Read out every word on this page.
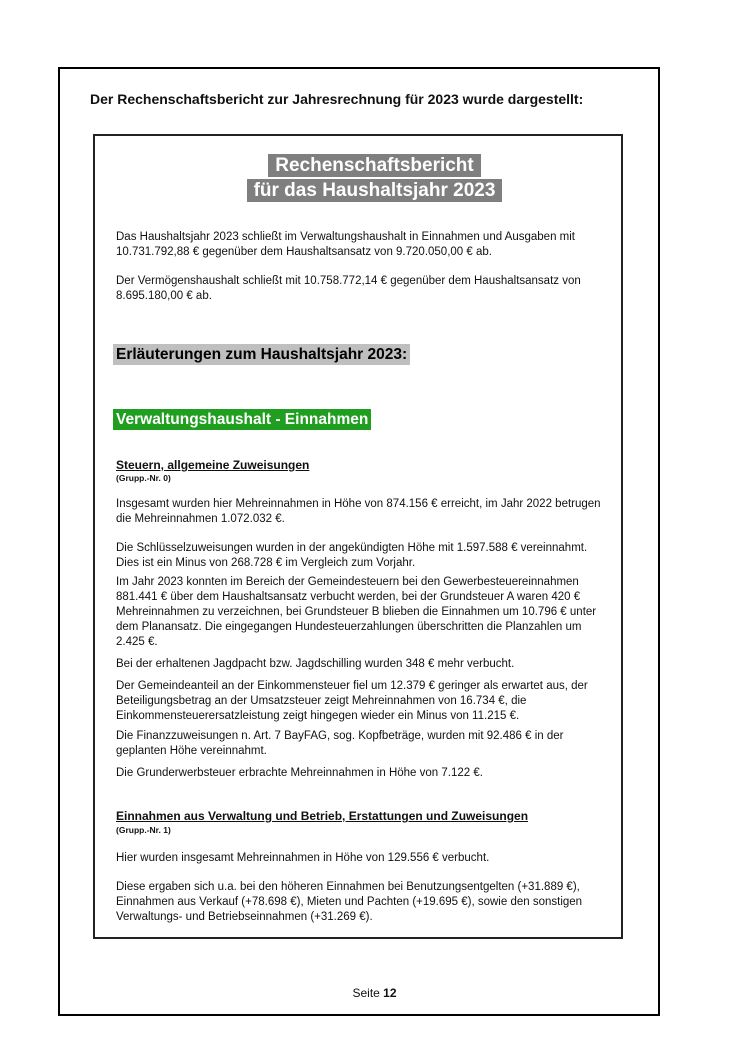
Der Rechenschaftsbericht zur Jahresrechnung für 2023 wurde dargestellt:
Rechenschaftsbericht
für das Haushaltsjahr 2023
Das Haushaltsjahr 2023 schließt im Verwaltungshaushalt in Einnahmen und Ausgaben mit 10.731.792,88 € gegenüber dem Haushaltsansatz von 9.720.050,00 € ab.
Der Vermögenshaushalt schließt mit 10.758.772,14 € gegenüber dem Haushaltsansatz von 8.695.180,00 € ab.
Erläuterungen zum Haushaltsjahr 2023:
Verwaltungshaushalt - Einnahmen
Steuern, allgemeine Zuweisungen
(Grupp.-Nr. 0)
Insgesamt wurden hier Mehreinnahmen in Höhe von 874.156 € erreicht, im Jahr 2022 betrugen die Mehreinnahmen 1.072.032 €.
Die Schlüsselzuweisungen wurden in der angekündigten Höhe mit 1.597.588 € vereinnahmt. Dies ist ein Minus von 268.728 € im Vergleich zum Vorjahr.
Im Jahr 2023 konnten im Bereich der Gemeindesteuern bei den Gewerbesteuereinnahmen 881.441 € über dem Haushaltsansatz verbucht werden, bei der Grundsteuer A waren 420 € Mehreinnahmen zu verzeichnen, bei Grundsteuer B blieben die Einnahmen um 10.796 € unter dem Planansatz. Die eingegangen Hundesteuerzahlungen überschritten die Planzahlen um 2.425 €.
Bei der erhaltenen Jagdpacht bzw. Jagdschilling wurden 348 € mehr verbucht.
Der Gemeindeanteil an der Einkommensteuer fiel um 12.379 € geringer als erwartet aus, der Beteiligungsbetrag an der Umsatzsteuer zeigt Mehreinnahmen von 16.734 €, die Einkommensteuerersatzleistung zeigt hingegen wieder ein Minus von 11.215 €.
Die Finanzzuweisungen n. Art. 7 BayFAG, sog. Kopfbeträge, wurden mit 92.486 € in der geplanten Höhe vereinnahmt.
Die Grunderwerbsteuer erbrachte Mehreinnahmen in Höhe von 7.122 €.
Einnahmen aus Verwaltung und Betrieb, Erstattungen und Zuweisungen
(Grupp.-Nr. 1)
Hier wurden insgesamt Mehreinnahmen in Höhe von 129.556 € verbucht.
Diese ergaben sich u.a. bei den höheren Einnahmen bei Benutzungsentgelten (+31.889 €), Einnahmen aus Verkauf (+78.698 €), Mieten und Pachten (+19.695 €), sowie den sonstigen Verwaltungs- und Betriebseinnahmen (+31.269 €).
Seite 12
